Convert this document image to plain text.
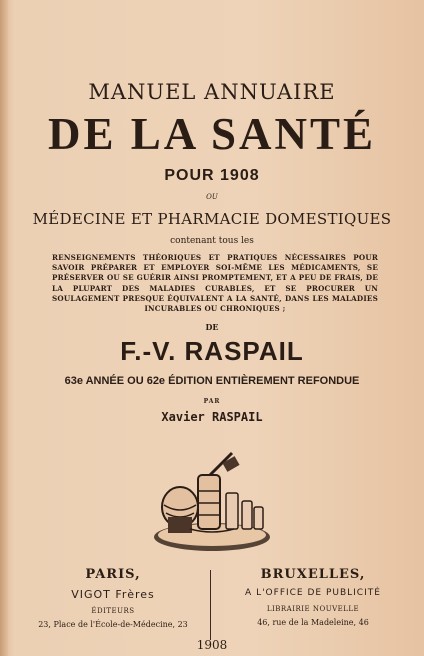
MANUEL ANNUAIRE
DE LA SANTÉ
POUR 1908
OU
MÉDECINE ET PHARMACIE DOMESTIQUES
contenant tous les
RENSEIGNEMENTS THÉORIQUES ET PRATIQUES NÉCESSAIRES POUR SAVOIR PRÉPARER ET EMPLOYER SOI-MÊME LES MÉDICAMENTS, SE PRÉSERVER OU SE GUÉRIR AINSI PROMPTEMENT, ET A PEU DE FRAIS, DE LA PLUPART DES MALADIES CURABLES, ET SE PROCURER UN SOULAGEMENT PRESQUE ÉQUIVALENT A LA SANTÉ, DANS LES MALADIES INCURABLES OU CHRONIQUES ;
DE
F.-V. RASPAIL
63e ANNÉE OU 62e ÉDITION ENTIÈREMENT REFONDUE
PAR
Xavier RASPAIL
PARIS,
VIGOT Frères
ÉDITEURS
23, Place de l'École-de-Médecine, 23
BRUXELLES,
A L'OFFICE DE PUBLICITÉ
LIBRAIRIE NOUVELLE
46, rue de la Madeleine, 46
1908
